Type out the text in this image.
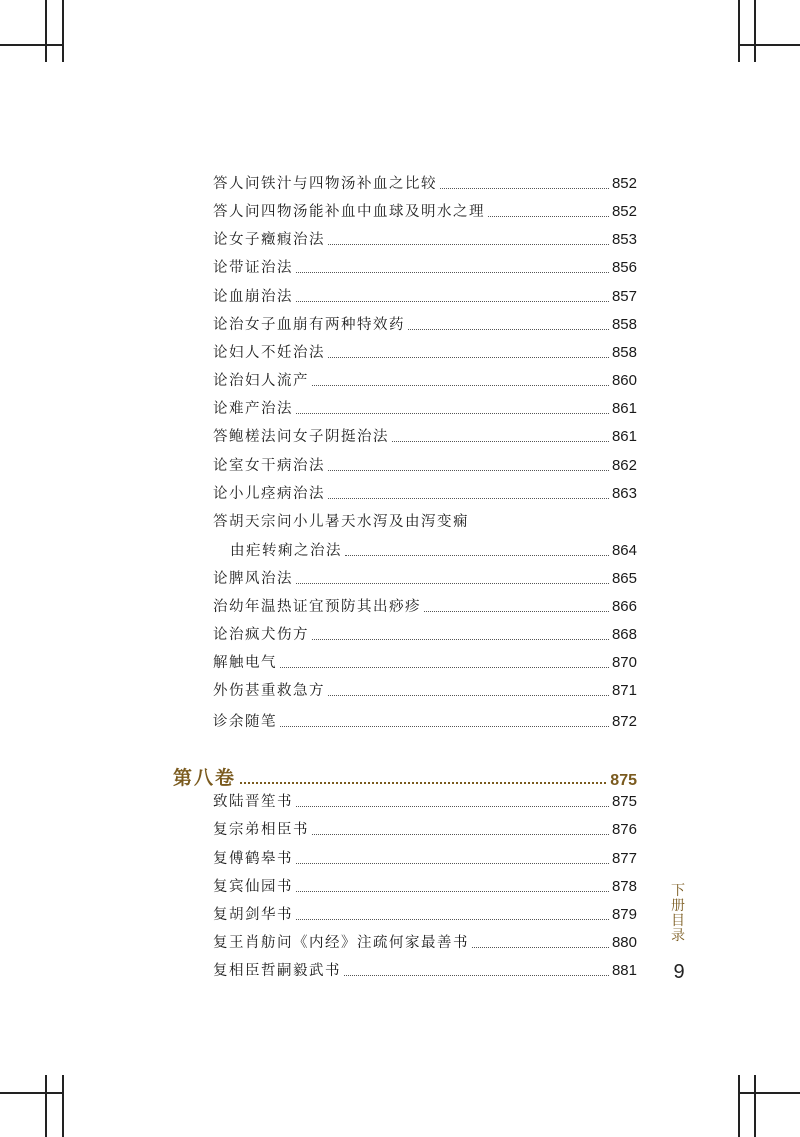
答人问铁汁与四物汤补血之比较	852
答人问四物汤能补血中血球及明水之理	852
论女子癥瘕治法	853
论带证治法	856
论血崩治法	857
论治女子血崩有两种特效药	858
论妇人不妊治法	858
论治妇人流产	860
论难产治法	861
答鲍槎法问女子阴挺治法	861
论室女干病治法	862
论小儿痉病治法	863
答胡天宗问小儿暑天水泻及由泻变痫
由疟转痢之治法	864
论脾风治法	865
治幼年温热证宜预防其出痧疹	866
论治疯犬伤方	868
解触电气	870
外伤甚重救急方	871
诊余随笔	872
第八卷	875
致陆晋笙书	875
复宗弟相臣书	876
复傅鹤皋书	877
复宾仙园书	878
复胡剑华书	879
复王肖舫问《内经》注疏何家最善书	880
复相臣哲嗣毅武书	881
下册目录
9
